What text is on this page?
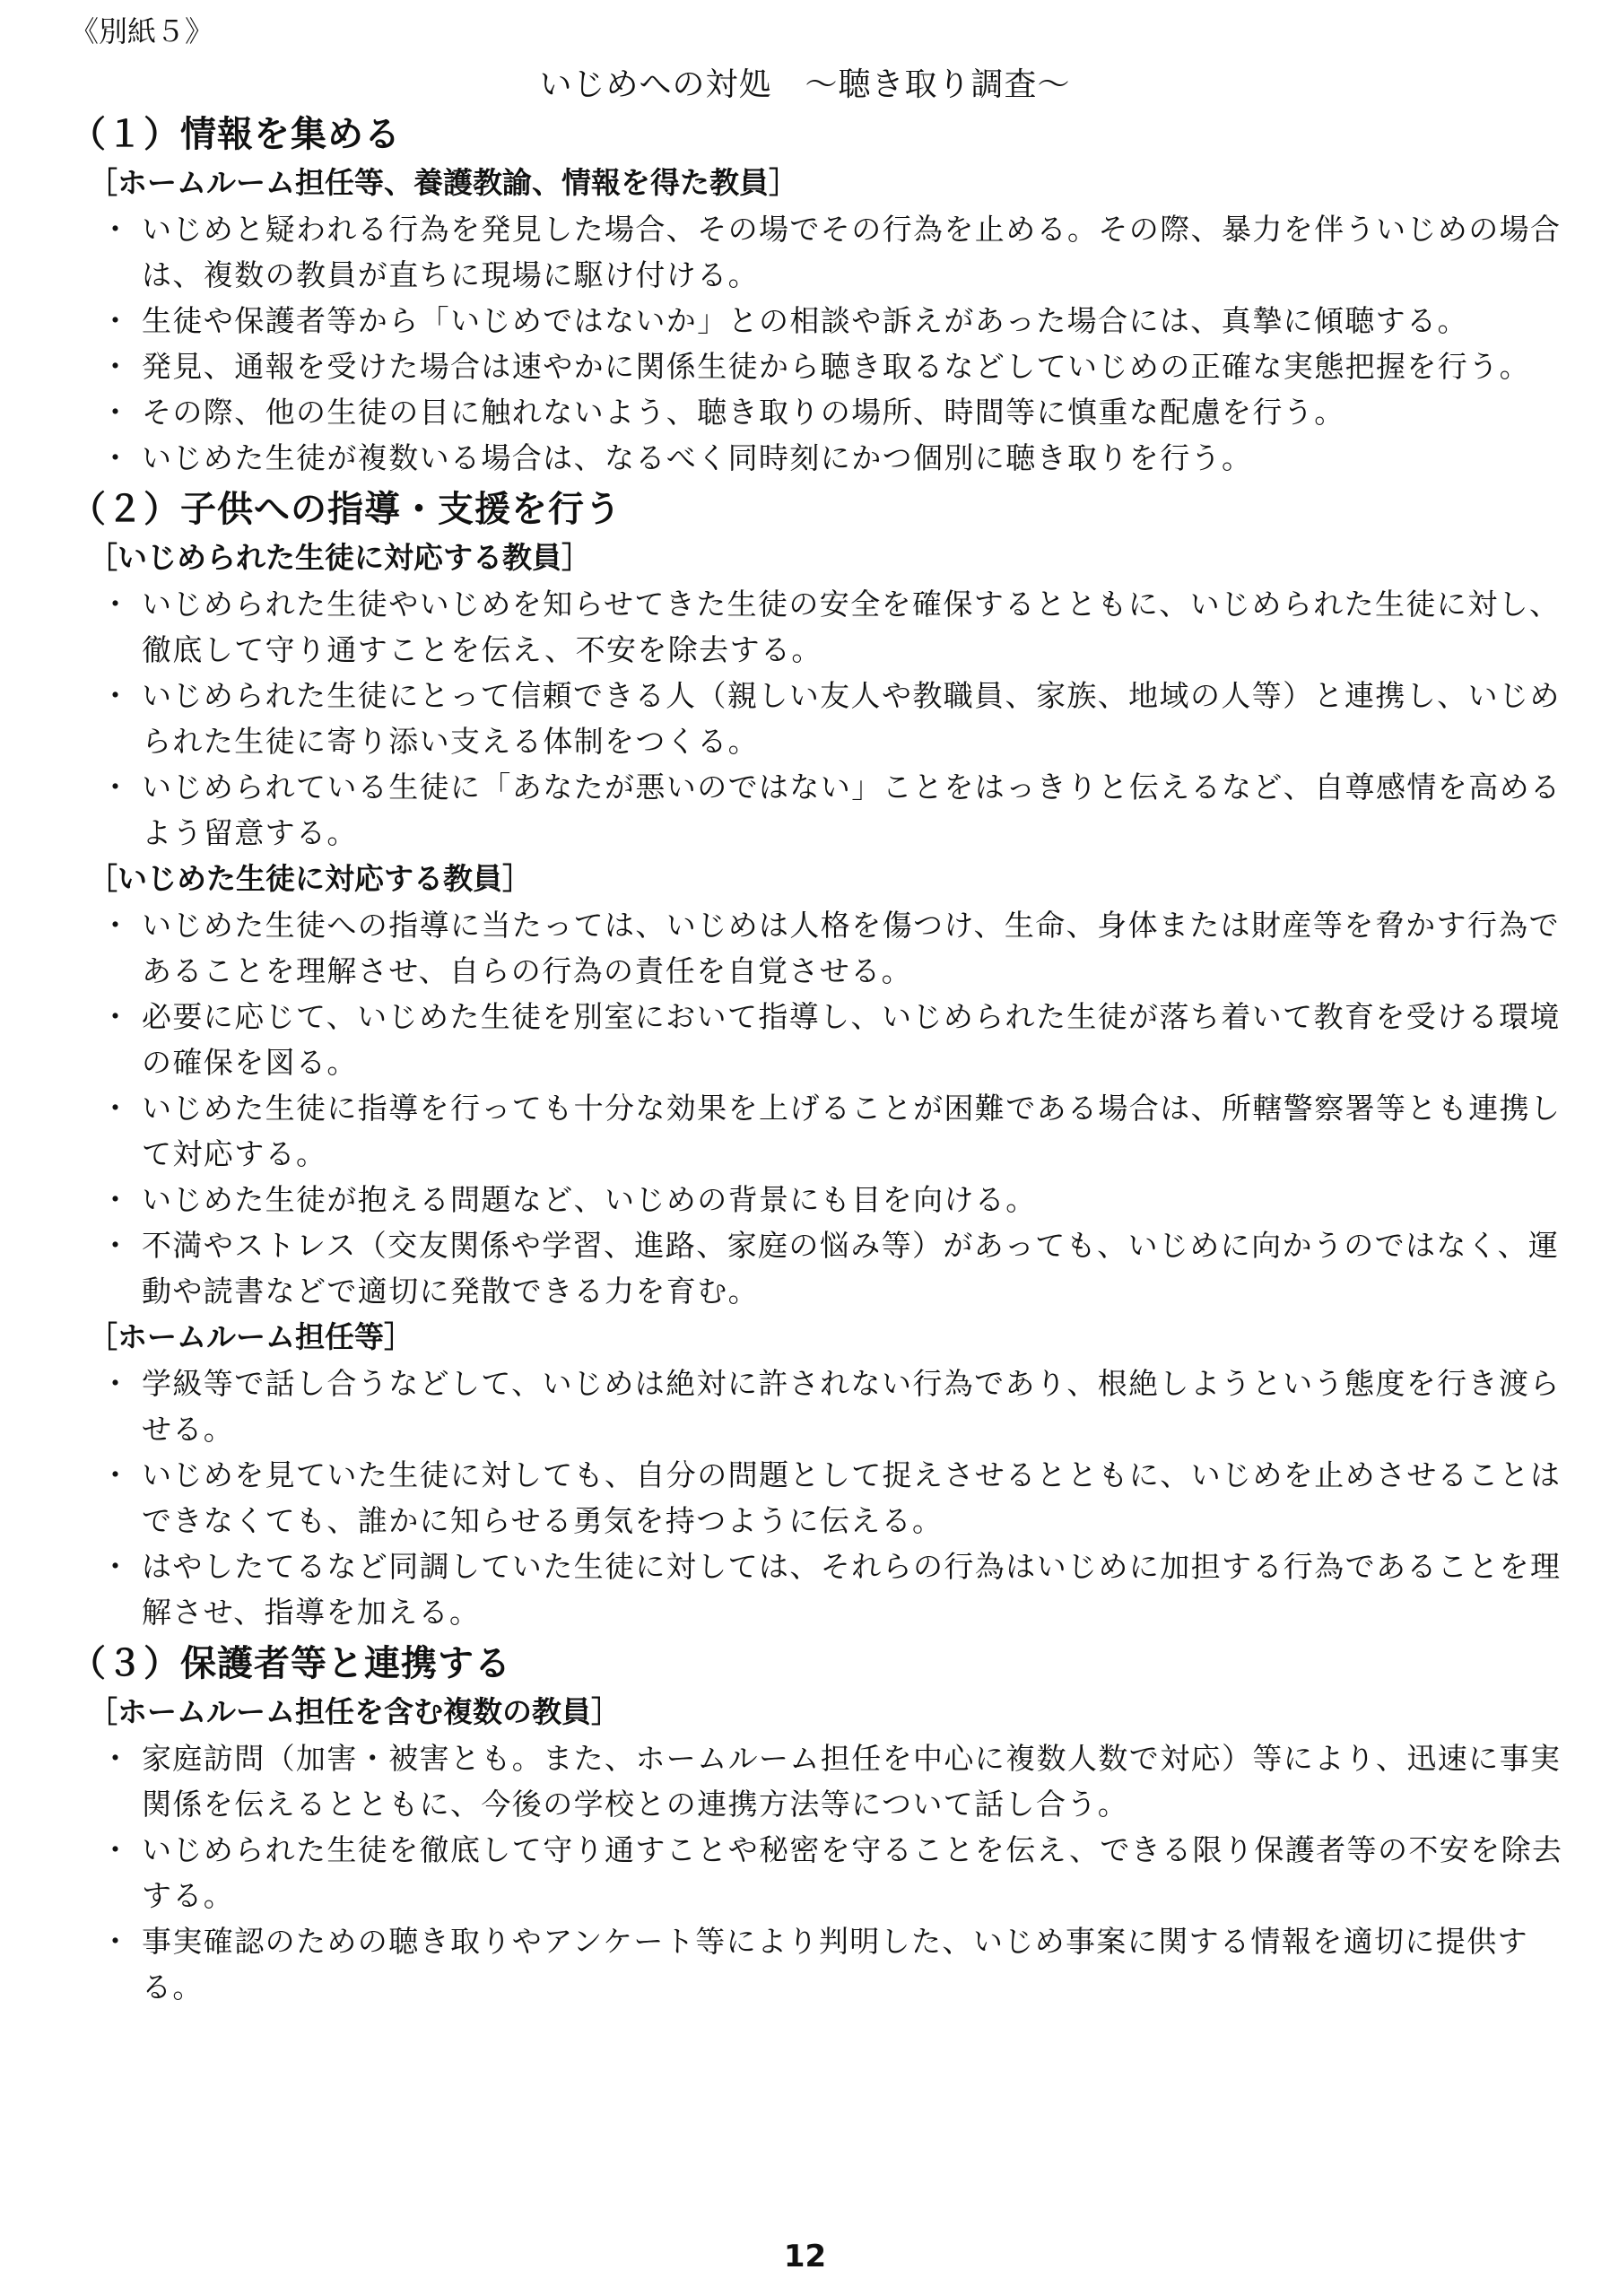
《別紙５》
いじめへの対処　～聴き取り調査～
（１）情報を集める
［ホームルーム担任等、養護教諭、情報を得た教員］
・ いじめと疑われる行為を発見した場合、その場でその行為を止める。その際、暴力を伴ういじめの場合は、複数の教員が直ちに現場に駆け付ける。
・ 生徒や保護者等から「いじめではないか」との相談や訴えがあった場合には、真摯に傾聴する。
・ 発見、通報を受けた場合は速やかに関係生徒から聴き取るなどしていじめの正確な実態把握を行う。
・ その際、他の生徒の目に触れないよう、聴き取りの場所、時間等に慎重な配慮を行う。
・ いじめた生徒が複数いる場合は、なるべく同時刻にかつ個別に聴き取りを行う。
（２）子供への指導・支援を行う
［いじめられた生徒に対応する教員］
・ いじめられた生徒やいじめを知らせてきた生徒の安全を確保するとともに、いじめられた生徒に対し、徹底して守り通すことを伝え、不安を除去する。
・ いじめられた生徒にとって信頼できる人（親しい友人や教職員、家族、地域の人等）と連携し、いじめられた生徒に寄り添い支える体制をつくる。
・ いじめられている生徒に「あなたが悪いのではない」ことをはっきりと伝えるなど、自尊感情を高めるよう留意する。
［いじめた生徒に対応する教員］
・ いじめた生徒への指導に当たっては、いじめは人格を傷つけ、生命、身体または財産等を脅かす行為であることを理解させ、自らの行為の責任を自覚させる。
・ 必要に応じて、いじめた生徒を別室において指導し、いじめられた生徒が落ち着いて教育を受ける環境の確保を図る。
・ いじめた生徒に指導を行っても十分な効果を上げることが困難である場合は、所轄警察署等とも連携して対応する。
・ いじめた生徒が抱える問題など、いじめの背景にも目を向ける。
・ 不満やストレス（交友関係や学習、進路、家庭の悩み等）があっても、いじめに向かうのではなく、運動や読書などで適切に発散できる力を育む。
［ホームルーム担任等］
・ 学級等で話し合うなどして、いじめは絶対に許されない行為であり、根絶しようという態度を行き渡らせる。
・ いじめを見ていた生徒に対しても、自分の問題として捉えさせるとともに、いじめを止めさせることはできなくても、誰かに知らせる勇気を持つように伝える。
・ はやしたてるなど同調していた生徒に対しては、それらの行為はいじめに加担する行為であることを理解させ、指導を加える。
（３）保護者等と連携する
［ホームルーム担任を含む複数の教員］
・ 家庭訪問（加害・被害とも。また、ホームルーム担任を中心に複数人数で対応）等により、迅速に事実関係を伝えるとともに、今後の学校との連携方法等について話し合う。
・ いじめられた生徒を徹底して守り通すことや秘密を守ることを伝え、できる限り保護者等の不安を除去する。
・ 事実確認のための聴き取りやアンケート等により判明した、いじめ事案に関する情報を適切に提供する。
12
